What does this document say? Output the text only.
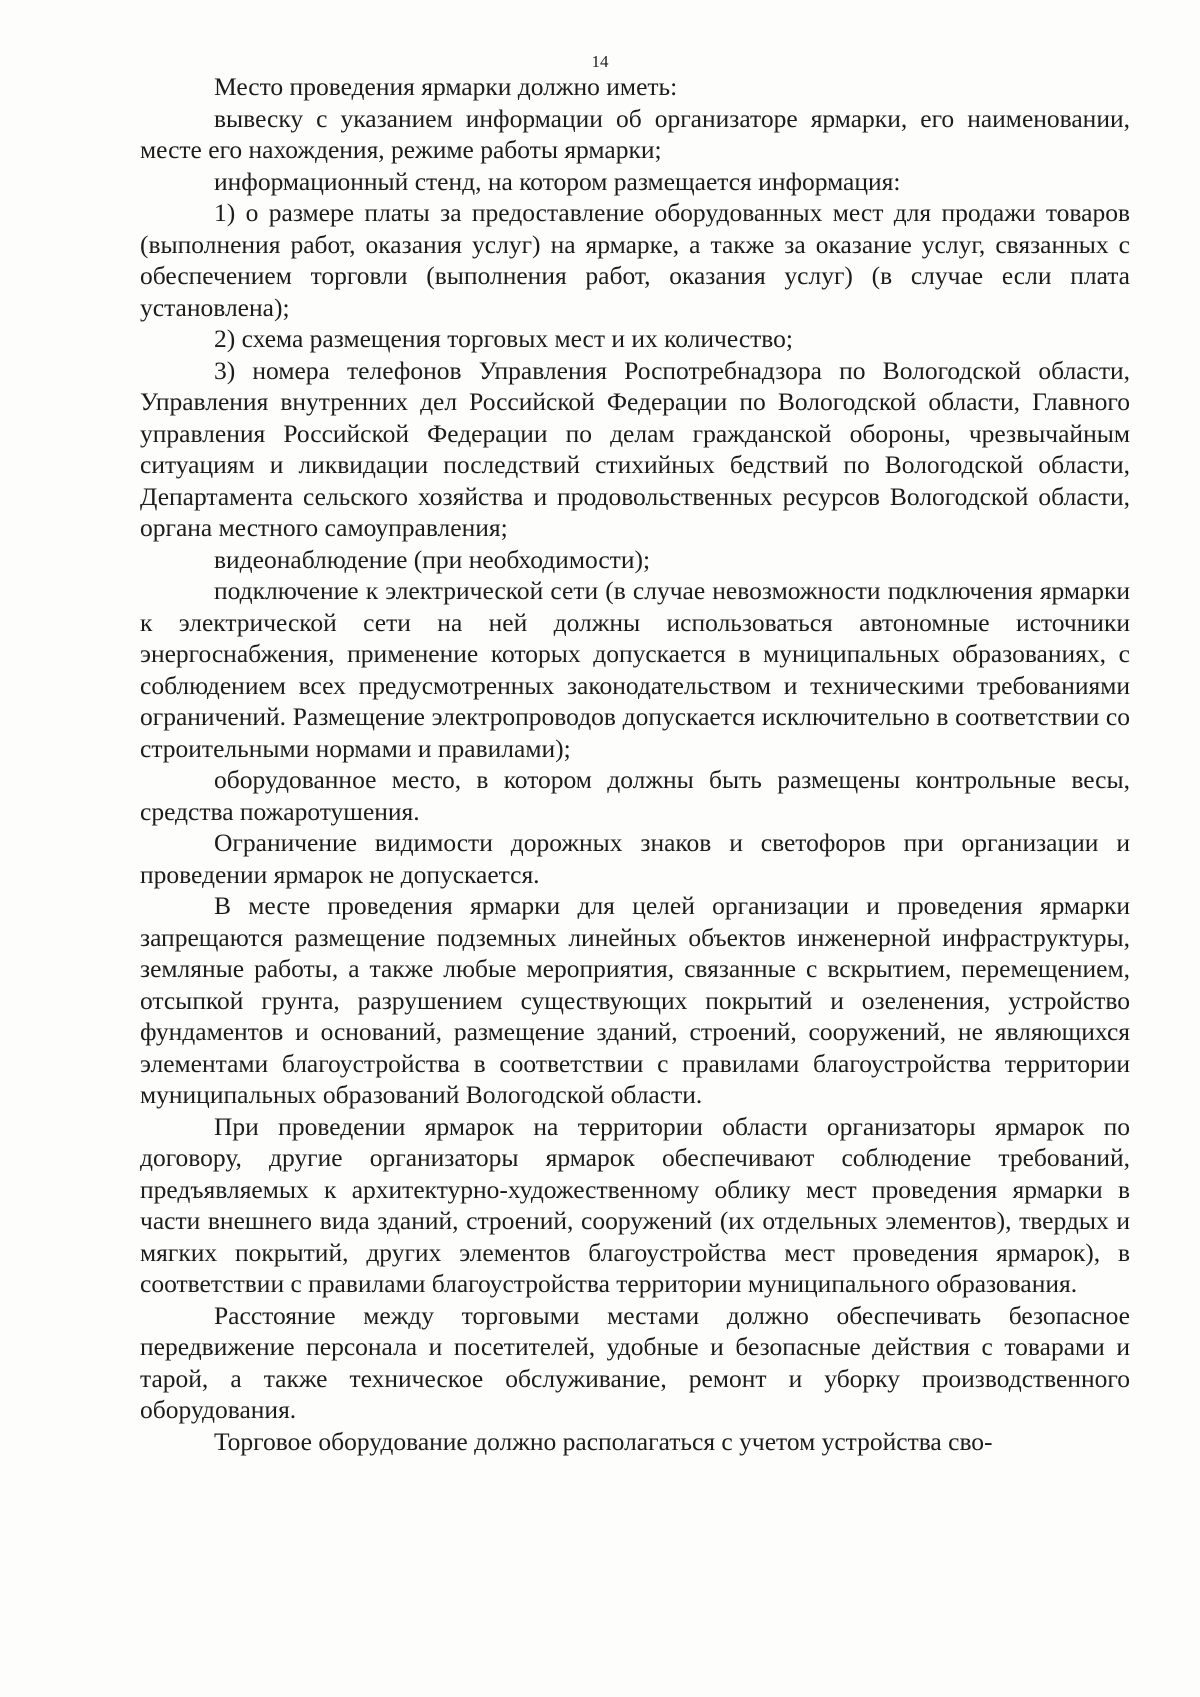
14

Место проведения ярмарки должно иметь:

вывеску с указанием информации об организаторе ярмарки, его наименовании, месте его нахождения, режиме работы ярмарки;

информационный стенд, на котором размещается информация:

1) о размере платы за предоставление оборудованных мест для продажи товаров (выполнения работ, оказания услуг) на ярмарке, а также за оказание услуг, связанных с обеспечением торговли (выполнения работ, оказания услуг) (в случае если плата установлена);

2) схема размещения торговых мест и их количество;

3) номера телефонов Управления Роспотребнадзора по Вологодской области, Управления внутренних дел Российской Федерации по Вологодской области, Главного управления Российской Федерации по делам гражданской обороны, чрезвычайным ситуациям и ликвидации последствий стихийных бедствий по Вологодской области, Департамента сельского хозяйства и продовольственных ресурсов Вологодской области, органа местного самоуправления;

видеонаблюдение (при необходимости);

подключение к электрической сети (в случае невозможности подключения ярмарки к электрической сети на ней должны использоваться автономные источники энергоснабжения, применение которых допускается в муниципальных образованиях, с соблюдением всех предусмотренных законодательством и техническими требованиями ограничений. Размещение электропроводов допускается исключительно в соответствии со строительными нормами и правилами);

оборудованное место, в котором должны быть размещены контрольные весы, средства пожаротушения.

Ограничение видимости дорожных знаков и светофоров при организации и проведении ярмарок не допускается.

В месте проведения ярмарки для целей организации и проведения ярмарки запрещаются размещение подземных линейных объектов инженерной инфраструктуры, земляные работы, а также любые мероприятия, связанные с вскрытием, перемещением, отсыпкой грунта, разрушением существующих покрытий и озеленения, устройство фундаментов и оснований, размещение зданий, строений, сооружений, не являющихся элементами благоустройства в соответствии с правилами благоустройства территории муниципальных образований Вологодской области.

При проведении ярмарок на территории области организаторы ярмарок по договору, другие организаторы ярмарок обеспечивают соблюдение требований, предъявляемых к архитектурно-художественному облику мест проведения ярмарки в части внешнего вида зданий, строений, сооружений (их отдельных элементов), твердых и мягких покрытий, других элементов благоустройства мест проведения ярмарок), в соответствии с правилами благоустройства территории муниципального образования.

Расстояние между торговыми местами должно обеспечивать безопасное передвижение персонала и посетителей, удобные и безопасные действия с товарами и тарой, а также техническое обслуживание, ремонт и уборку производственного оборудования.

Торговое оборудование должно располагаться с учетом устройства сво-
